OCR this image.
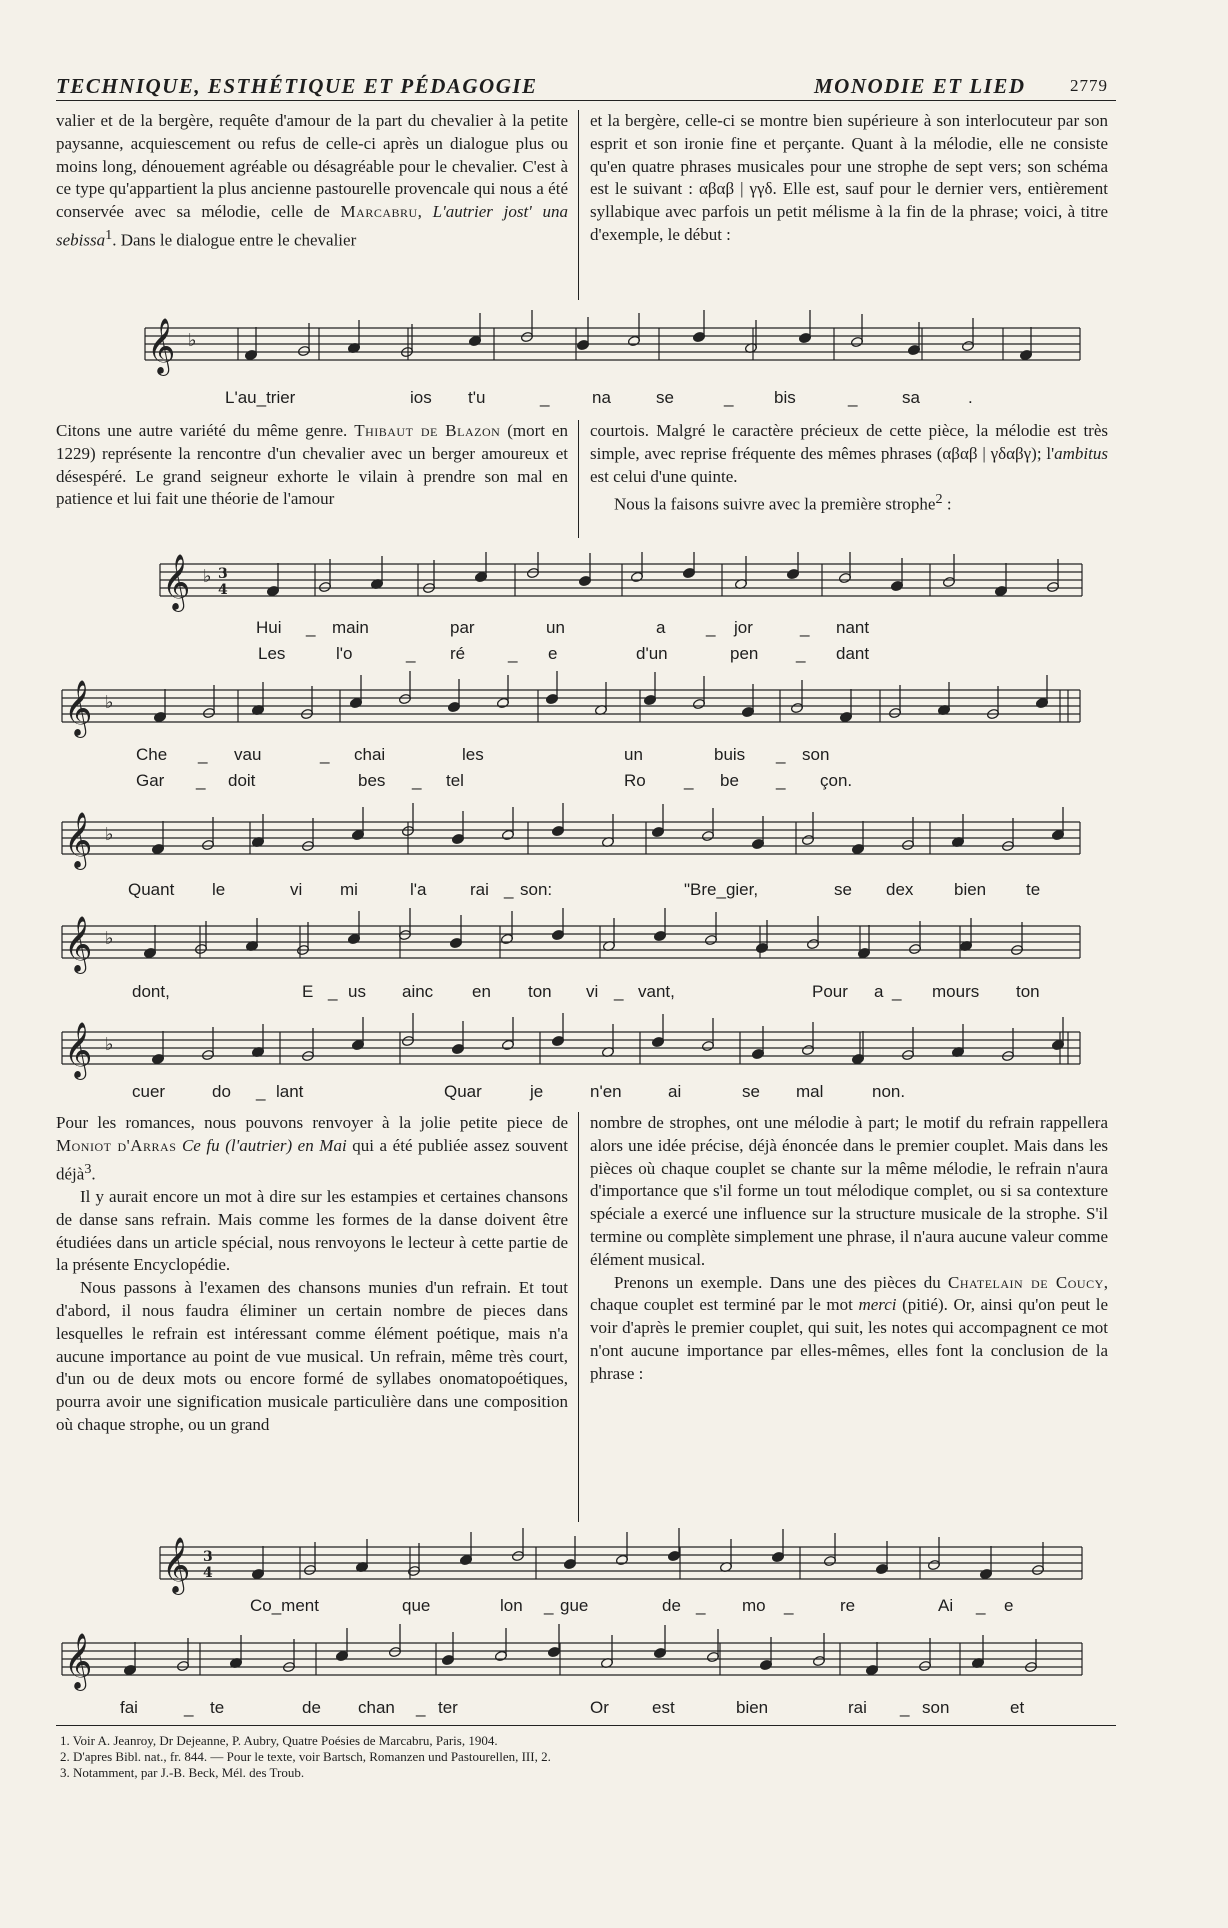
TECHNIQUE, ESTHÉTIQUE ET PÉDAGOGIE	MONODIE ET LIED	2779

valier et de la bergère, requête d'amour de la part du chevalier à la petite paysanne, acquiescement ou refus de celle-ci après un dialogue plus ou moins long, dénouement agréable ou désagréable pour le chevalier. C'est à ce type qu'appartient la plus ancienne pastourelle provencale qui nous a été conservée avec sa mélodie, celle de Marcabru, L'autrier jost' una sebissa$^1$. Dans le dialogue entre le chevalier

et la bergère, celle-ci se montre bien supérieure à son interlocuteur par son esprit et son ironie fine et perçante. Quant à la mélodie, elle ne consiste qu'en quatre phrases musicales pour une strophe de sept vers; son schéma est le suivant : αβαβ | γγδ. Elle est, sauf pour le dernier vers, entièrement syllabique avec parfois un petit mélisme à la fin de la phrase; voici, à titre d'exemple, le début :

𝄞 ♭
L'au_trier	ios t'u	_	na	se	_ bis	_	sa	.

Citons une autre variété du même genre. Thibaut de Blazon (mort en 1229) représente la rencontre d'un chevalier avec un berger amoureux et désespéré. Le grand seigneur exhorte le vilain à prendre son mal en patience et lui fait une théorie de l'amour

courtois. Malgré le caractère précieux de cette pièce, la mélodie est très simple, avec reprise fréquente des mêmes phrases (αβαβ | γδαβγ); l'ambitus est celui d'une quinte.

Nous la faisons suivre avec la première strophe$^2$ :

𝄞 ♭ 3
4
Hui _ main	par	un	a _ jor	_ nant
Les	l'o	_ ré	_ e	d'un	pen _ dant
𝄞 ♭
Che _ vau	_ chai	les	un	buis _ son
Gar _ doit	bes _ tel	Ro _ be _ çon.
𝄞 ♭
Quant le	vi mi	l'a	rai _ son:	"Bre_gier,	se dex bien te
𝄞 ♭
dont,	E _ us ainc en ton vi _ vant,	Pour a _ mours ton
𝄞 ♭
cuer	do _ lant	Quar	je	n'en	ai	se mal	non.

Pour les romances, nous pouvons renvoyer à la jolie petite piece de Moniot d'Arras Ce fu (l'autrier) en Mai qui a été publiée assez souvent déjà$^3$.

Il y aurait encore un mot à dire sur les estampies et certaines chansons de danse sans refrain. Mais comme les formes de la danse doivent être étudiées dans un article spécial, nous renvoyons le lecteur à cette partie de la présente Encyclopédie.

Nous passons à l'examen des chansons munies d'un refrain. Et tout d'abord, il nous faudra éliminer un certain nombre de pieces dans lesquelles le refrain est intéressant comme élément poétique, mais n'a aucune importance au point de vue musical. Un refrain, même très court, d'un ou de deux mots ou encore formé de syllabes onomatopoétiques, pourra avoir une signification musicale particulière dans une composition où chaque strophe, ou un grand

nombre de strophes, ont une mélodie à part; le motif du refrain rappellera alors une idée précise, déjà énoncée dans le premier couplet. Mais dans les pièces où chaque couplet se chante sur la même mélodie, le refrain n'aura d'importance que s'il forme un tout mélodique complet, ou si sa contexture spéciale a exercé une influence sur la structure musicale de la strophe. S'il termine ou complète simplement une phrase, il n'aura aucune valeur comme élément musical.

Prenons un exemple. Dans une des pièces du Chatelain de Coucy, chaque couplet est terminé par le mot merci (pitié). Or, ainsi qu'on peut le voir d'après le premier couplet, qui suit, les notes qui accompagnent ce mot n'ont aucune importance par elles-mêmes, elles font la conclusion de la phrase :

𝄞 3
4
Co_ment	que	lon _ gue	de _ mo _	re	Ai _ e
𝄞
fai	_ te	de chan _ ter	Or	est	bien	rai _ son	et
1. Voir A. Jeanroy, Dr Dejeanne, P. Aubry, Quatre Poésies de Marcabru, Paris, 1904.
2. D'apres Bibl. nat., fr. 844. — Pour le texte, voir Bartsch, Romanzen und Pastourellen, III, 2.
3. Notamment, par J.-B. Beck, Mél. des Troub.
